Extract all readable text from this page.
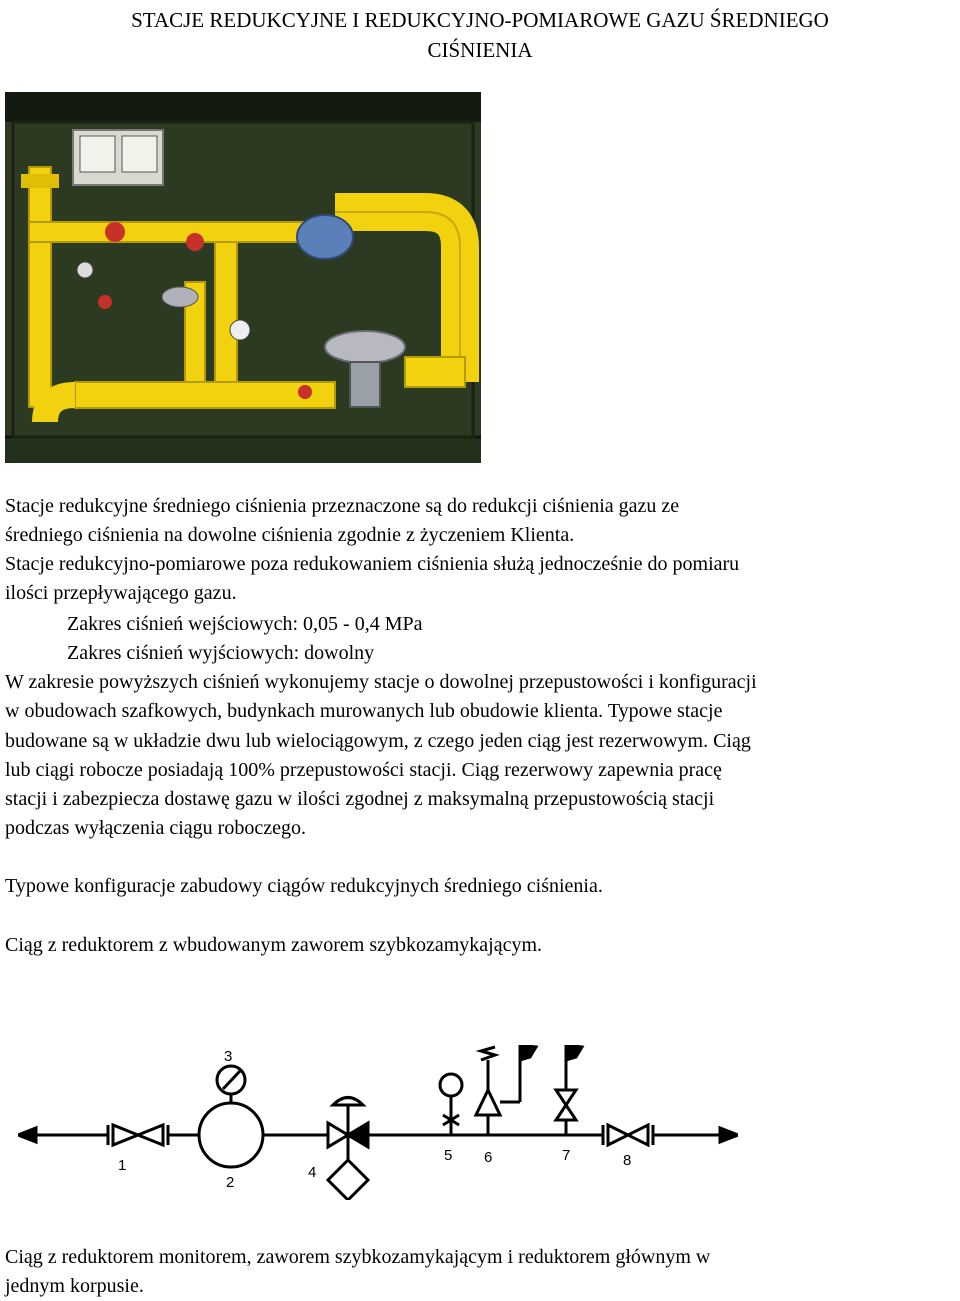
STACJE REDUKCYJNE I REDUKCYJNO-POMIAROWE GAZU ŚREDNIEGO
CIŚNIENIA
Stacje redukcyjne średniego ciśnienia przeznaczone są do redukcji ciśnienia gazu ze
średniego ciśnienia na dowolne ciśnienia zgodnie z życzeniem Klienta.
Stacje redukcyjno-pomiarowe poza redukowaniem ciśnienia służą jednocześnie do pomiaru
ilości przepływającego gazu.
Zakres ciśnień wejściowych: 0,05 - 0,4 MPa
Zakres ciśnień wyjściowych: dowolny
W zakresie powyższych ciśnień wykonujemy stacje o dowolnej przepustowości i konfiguracji
w obudowach szafkowych, budynkach murowanych lub obudowie klienta. Typowe stacje
budowane są w układzie dwu lub wielociągowym, z czego jeden ciąg jest rezerwowym. Ciąg
lub ciągi robocze posiadają 100% przepustowości stacji. Ciąg rezerwowy zapewnia pracę
stacji i zabezpiecza dostawę gazu w ilości zgodnej z maksymalną przepustowością stacji
podczas wyłączenia ciągu roboczego.
Typowe konfiguracje zabudowy ciągów redukcyjnych średniego ciśnienia.
Ciąg z reduktorem z wbudowanym zaworem szybkozamykającym.
1
2
3
4
5 6	7	8
Ciąg z reduktorem monitorem, zaworem szybkozamykającym i reduktorem głównym w
jednym korpusie.
